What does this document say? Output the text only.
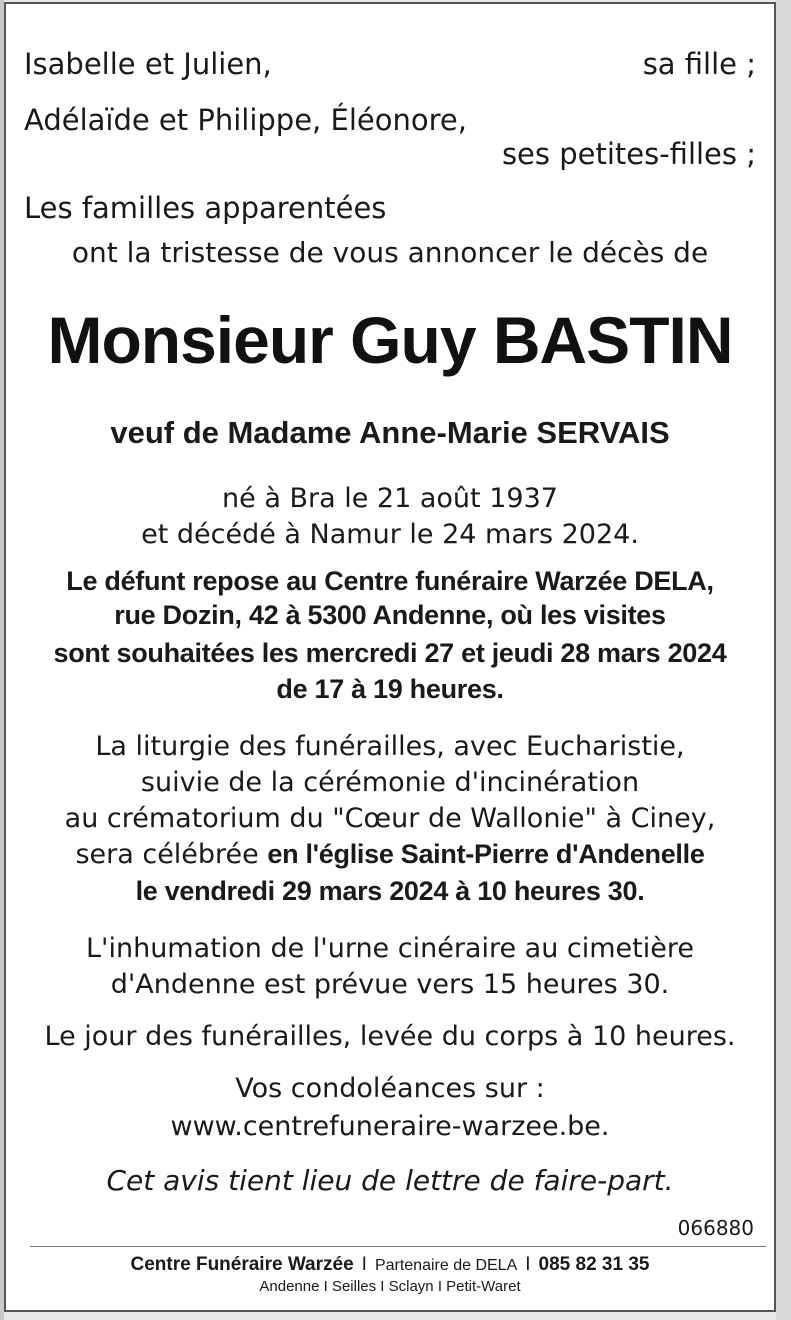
Isabelle et Julien,	sa fille ;
Adélaïde et Philippe, Éléonore,
ses petites-filles ;
Les familles apparentées
ont la tristesse de vous annoncer le décès de
Monsieur Guy BASTIN
veuf de Madame Anne-Marie SERVAIS
né à Bra le 21 août 1937
et décédé à Namur le 24 mars 2024.
Le défunt repose au Centre funéraire Warzée DELA,
rue Dozin, 42 à 5300 Andenne, où les visites
sont souhaitées les mercredi 27 et jeudi 28 mars 2024
de 17 à 19 heures.
La liturgie des funérailles, avec Eucharistie,
suivie de la cérémonie d'incinération
au crématorium du "Cœur de Wallonie" à Ciney,
sera célébrée en l'église Saint-Pierre d'Andenelle
le vendredi 29 mars 2024 à 10 heures 30.
L'inhumation de l'urne cinéraire au cimetière
d'Andenne est prévue vers 15 heures 30.
Le jour des funérailles, levée du corps à 10 heures.
Vos condoléances sur :
www.centrefuneraire-warzee.be.
Cet avis tient lieu de lettre de faire-part.
066880
Centre Funéraire Warzée I Partenaire de DELA I 085 82 31 35
Andenne I Seilles I Sclayn I Petit-Waret
